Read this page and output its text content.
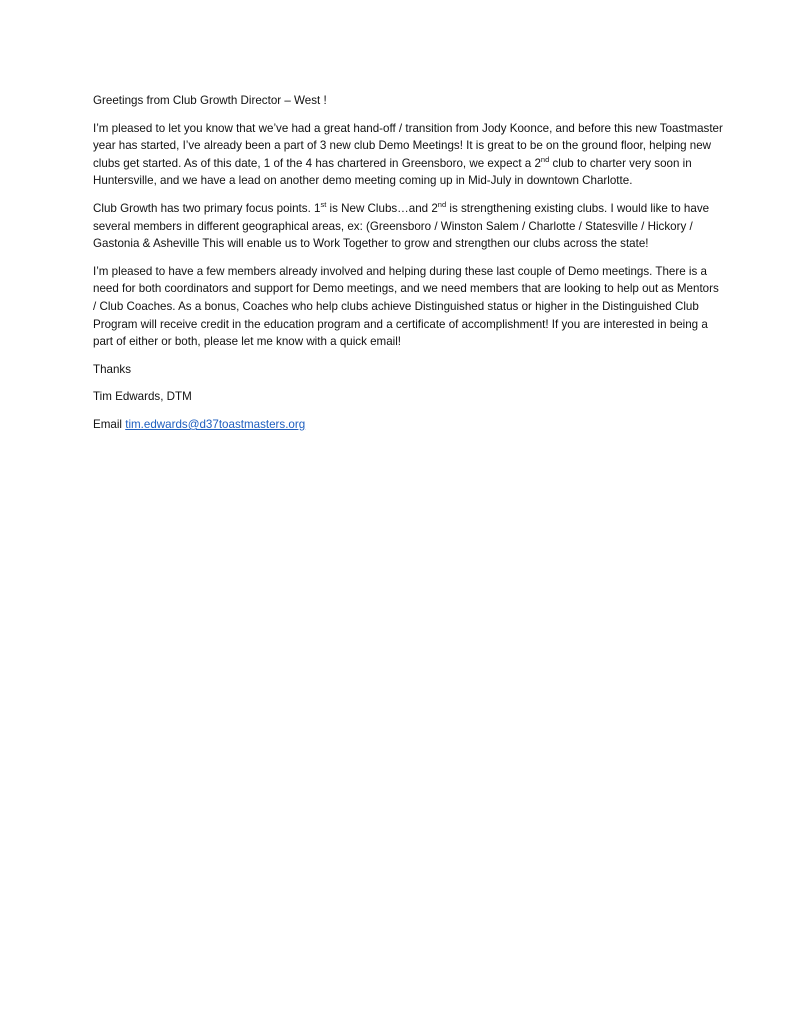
Greetings from Club Growth Director – West !

I’m pleased to let you know that we’ve had a great hand-off / transition from Jody Koonce, and before this new Toastmaster year has started, I’ve already been a part of 3 new club Demo Meetings! It is great to be on the ground floor, helping new clubs get started. As of this date, 1 of the 4 has chartered in Greensboro, we expect a 2nd club to charter very soon in Huntersville, and we have a lead on another demo meeting coming up in Mid-July in downtown Charlotte.

Club Growth has two primary focus points. 1st is New Clubs…and 2nd is strengthening existing clubs. I would like to have several members in different geographical areas, ex: (Greensboro / Winston Salem / Charlotte / Statesville / Hickory / Gastonia & Asheville This will enable us to Work Together to grow and strengthen our clubs across the state!

I’m pleased to have a few members already involved and helping during these last couple of Demo meetings. There is a need for both coordinators and support for Demo meetings, and we need members that are looking to help out as Mentors / Club Coaches. As a bonus, Coaches who help clubs achieve Distinguished status or higher in the Distinguished Club Program will receive credit in the education program and a certificate of accomplishment! If you are interested in being a part of either or both, please let me know with a quick email!

Thanks

Tim Edwards, DTM

Email tim.edwards@d37toastmasters.org
